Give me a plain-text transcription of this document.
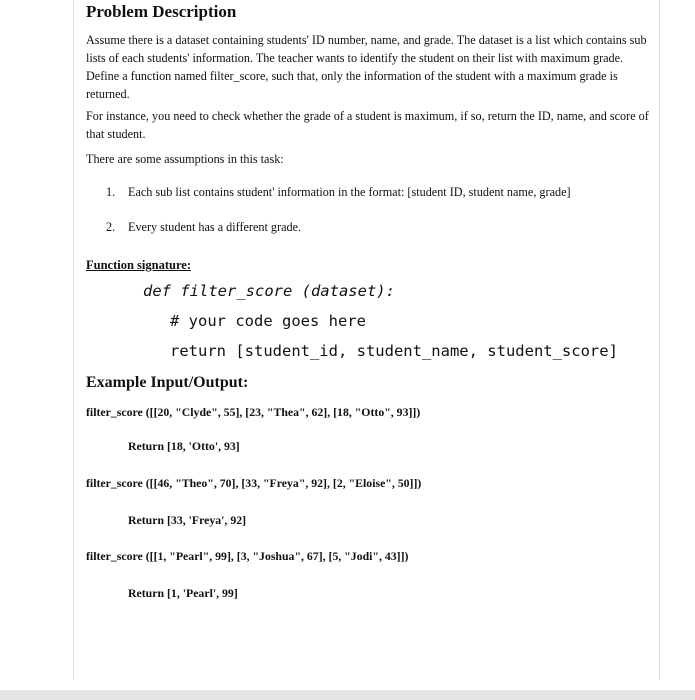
Problem Description

Assume there is a dataset containing students' ID number, name, and grade. The dataset is a list which contains sub lists of each students' information. The teacher wants to identify the student on their list with maximum grade. Define a function named filter_score, such that, only the information of the student with a maximum grade is returned.

For instance, you need to check whether the grade of a student is maximum, if so, return the ID, name, and score of that student.

There are some assumptions in this task:

1. Each sub list contains student' information in the format: [student ID, student name, grade]
2. Every student has a different grade.
Function signature:
def filter_score (dataset):
# your code goes here
return [student_id, student_name, student_score]
Example Input/Output:
filter_score ([[20, "Clyde", 55], [23, "Thea", 62], [18, "Otto", 93]])
Return [18, 'Otto', 93]
filter_score ([[46, "Theo", 70], [33, "Freya", 92], [2, "Eloise", 50]])
Return [33, 'Freya', 92]
filter_score ([[1, "Pearl", 99], [3, "Joshua", 67], [5, "Jodi", 43]])
Return [1, 'Pearl', 99]
